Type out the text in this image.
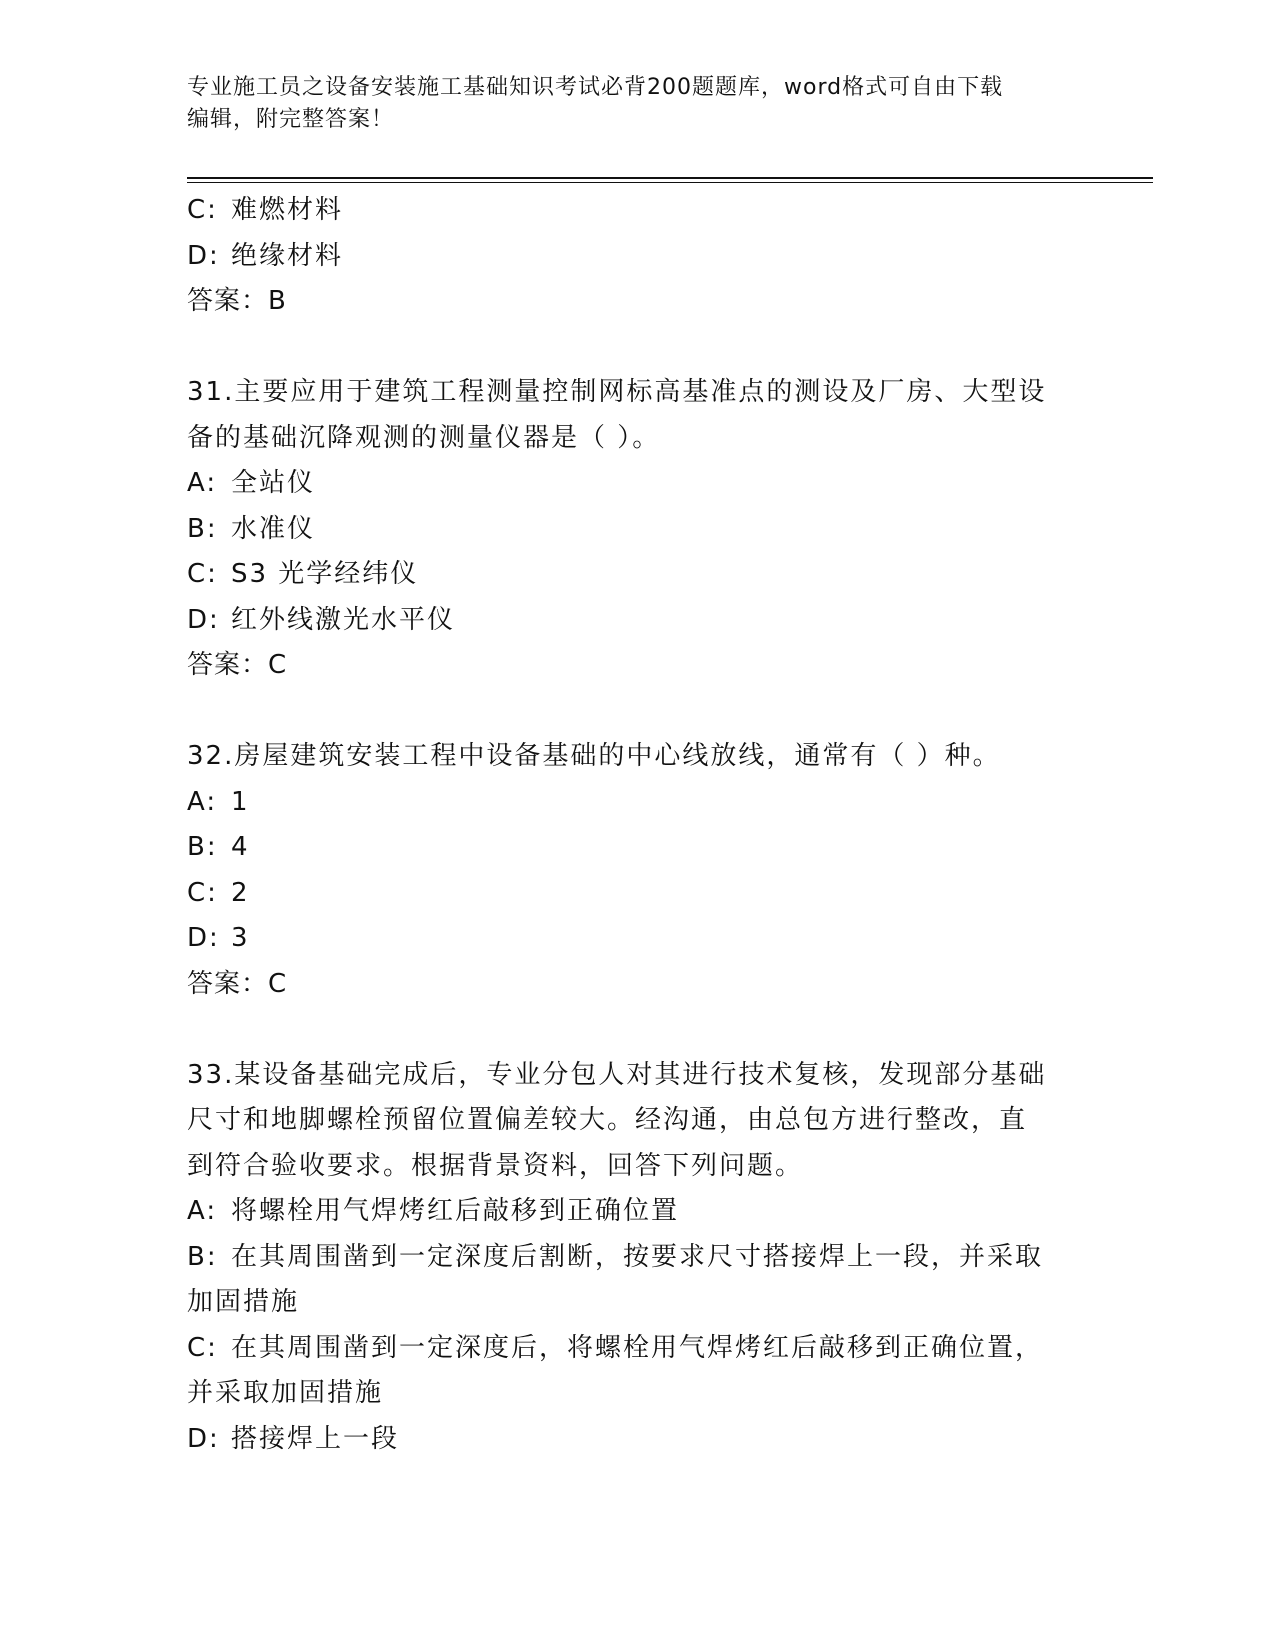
专业施工员之设备安装施工基础知识考试必背200题题库，word格式可自由下载
编辑，附完整答案！
C: 难燃材料
D: 绝缘材料
答案：B
31.主要应用于建筑工程测量控制网标高基准点的测设及厂房、大型设
备的基础沉降观测的测量仪器是（ ）。
A: 全站仪
B: 水准仪
C: S3 光学经纬仪
D: 红外线激光水平仪
答案：C
32.房屋建筑安装工程中设备基础的中心线放线，通常有（ ）种。
A: 1
B: 4
C: 2
D: 3
答案：C
33.某设备基础完成后，专业分包人对其进行技术复核，发现部分基础
尺寸和地脚螺栓预留位置偏差较大。经沟通，由总包方进行整改，直
到符合验收要求。根据背景资料，回答下列问题。
A: 将螺栓用气焊烤红后敲移到正确位置
B: 在其周围凿到一定深度后割断，按要求尺寸搭接焊上一段，并采取
加固措施
C: 在其周围凿到一定深度后，将螺栓用气焊烤红后敲移到正确位置，
并采取加固措施
D: 搭接焊上一段
